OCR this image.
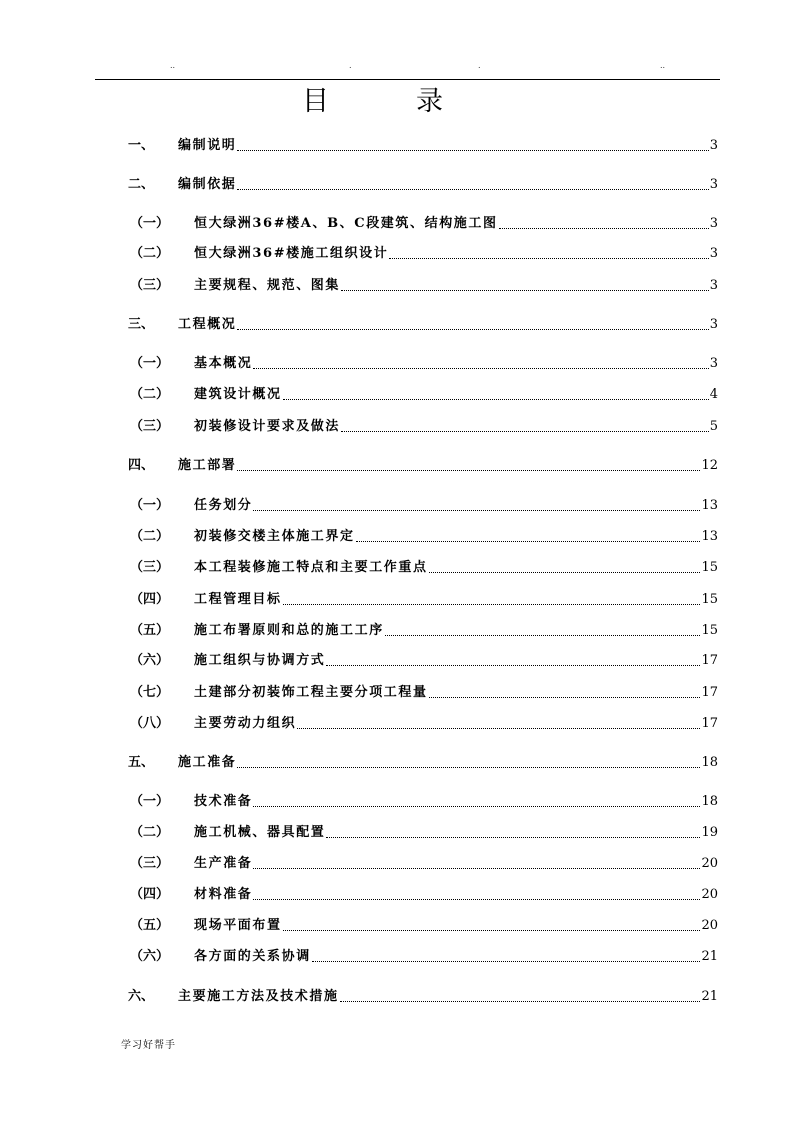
..	.	.	..
目	录
一、	编制说明	3
二、	编制依据	3
（一）	恒大绿洲36#楼A、B、C段建筑、结构施工图	3
（二）	恒大绿洲36#楼施工组织设计	3
（三）	主要规程、规范、图集	3
三、	工程概况	3
（一）	基本概况	3
（二）	建筑设计概况	4
（三）	初装修设计要求及做法	5
四、	施工部署	12
（一）	任务划分	13
（二）	初装修交楼主体施工界定	13
（三）	本工程装修施工特点和主要工作重点	15
（四）	工程管理目标	15
（五）	施工布署原则和总的施工工序	15
（六）	施工组织与协调方式	17
（七）	土建部分初装饰工程主要分项工程量	17
（八）	主要劳动力组织	17
五、	施工准备	18
（一）	技术准备	18
（二）	施工机械、器具配置	19
（三）	生产准备	20
（四）	材料准备	20
（五）	现场平面布置	20
（六）	各方面的关系协调	21
六、	主要施工方法及技术措施	21
学习好帮手
